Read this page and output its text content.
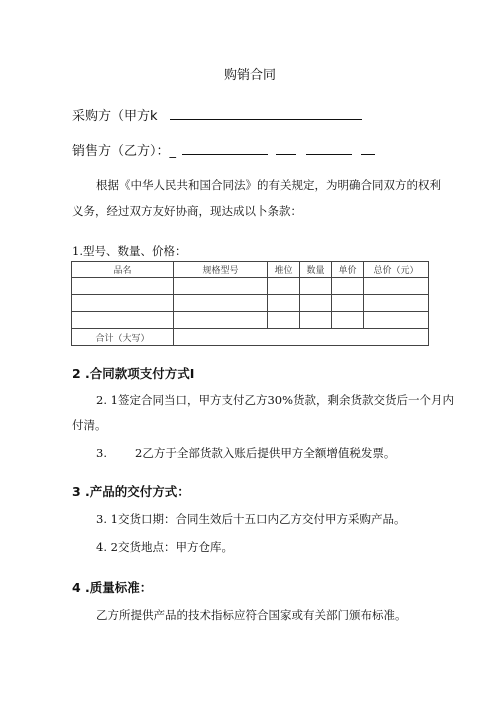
购销合同
采购方（甲方k
销售方（乙方）：_
根据《中华人民共和国合同法》的有关规定，为明确合同双方的权利
义务，经过双方友好协商，现达成以卜条款：
1.型号、数量、价格：
品名	规格型号	堆位	数量	单价	总价（元）

合计（大写）					
2 .合同款项支付方式I
2. 1签定合同当口，甲方支付乙方30%货款，剩余货款交货后一个月内
付清。
3. 2乙方于全部货款入账后提供甲方全额增值税发票。
3 .产品的交付方式：
3. 1交货口期：合同生效后十五口内乙方交付甲方采购产品。
4. 2交货地点：甲方仓库。
4 .质量标准：
乙方所提供产品的技术指标应符合国家或有关部门颁布标准。
